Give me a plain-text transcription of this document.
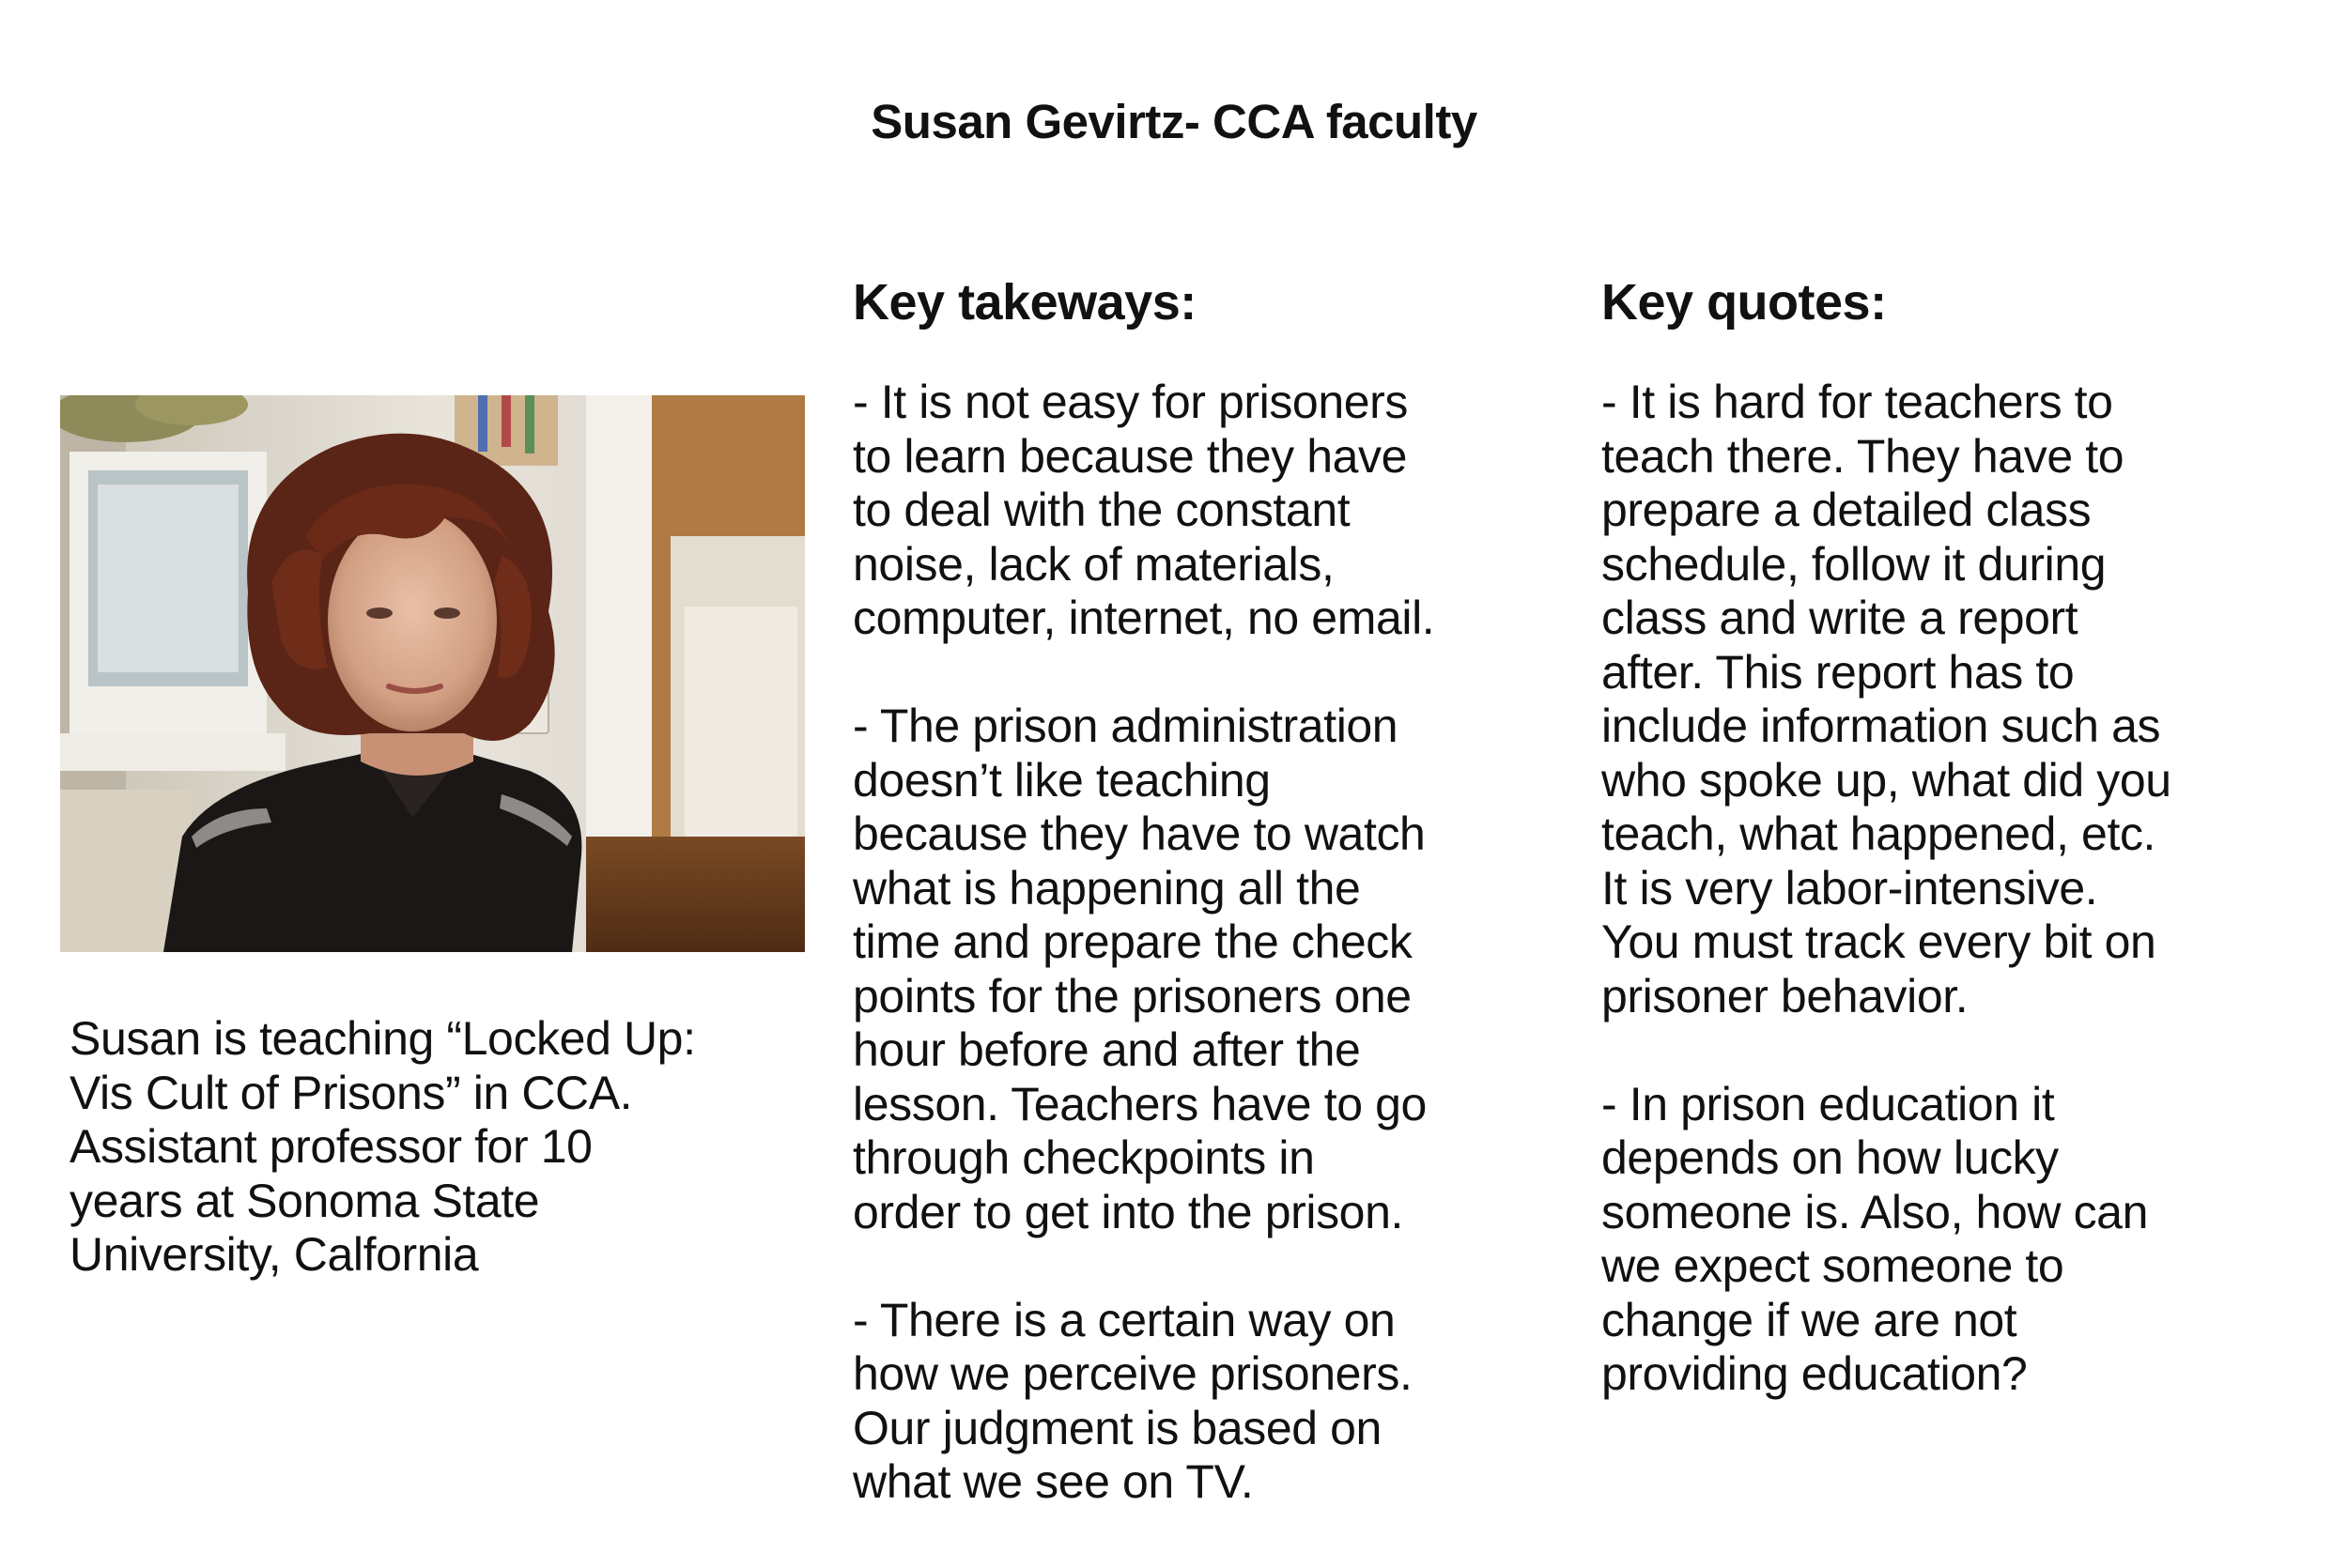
Susan Gevirtz- CCA faculty
Susan is teaching “Locked Up:
Vis Cult of Prisons” in CCA.
Assistant professor for 10
years at Sonoma State
University, Calfornia
Key takeways:
- It is not easy for prisoners
to learn because they have
to deal with the constant
noise, lack of materials,
computer, internet, no email.
- The prison administration
doesn’t like teaching
because they have to watch
what is happening all the
time and prepare the check
points for the prisoners one
hour before and after the
lesson. Teachers have to go
through checkpoints in
order to get into the prison.
- There is a certain way on
how we perceive prisoners.
Our judgment is based on
what we see on TV.
Key quotes:
- It is hard for teachers to
teach there. They have to
prepare a detailed class
schedule, follow it during
class and write a report
after. This report has to
include information such as
who spoke up, what did you
teach, what happened, etc.
It is very labor-intensive.
You must track every bit on
prisoner behavior.
- In prison education it
depends on how lucky
someone is. Also, how can
we expect someone to
change if we are not
providing education?
